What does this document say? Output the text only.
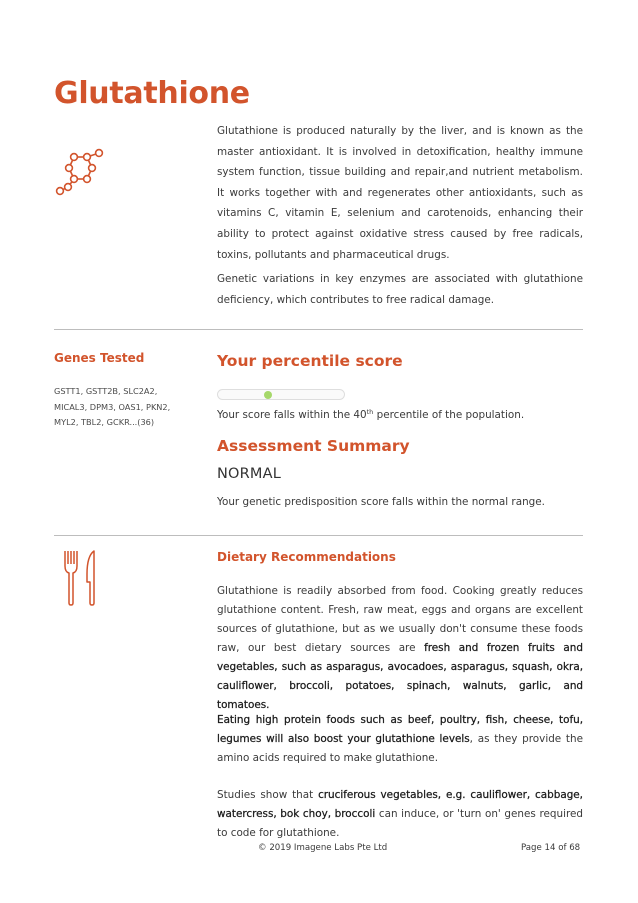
Glutathione

Glutathione is produced naturally by the liver, and is known as the master antioxidant. It is involved in detoxification, healthy immune system function, tissue building and repair,and nutrient metabolism. It works together with and regenerates other antioxidants, such as vitamins C, vitamin E, selenium and carotenoids, enhancing their ability to protect against oxidative stress caused by free radicals, toxins, pollutants and pharmaceutical drugs.

Genetic variations in key enzymes are associated with glutathione deficiency, which contributes to free radical damage.

Genes Tested

GSTT1, GSTT2B, SLC2A2, MICAL3, DPM3, OAS1, PKN2, MYL2, TBL2, GCKR...(36)

Your percentile score

Your score falls within the 40th percentile of the population.

Assessment Summary

NORMAL

Your genetic predisposition score falls within the normal range.

Dietary Recommendations

Glutathione is readily absorbed from food. Cooking greatly reduces glutathione content. Fresh, raw meat, eggs and organs are excellent sources of glutathione, but as we usually don't consume these foods raw, our best dietary sources are fresh and frozen fruits and vegetables, such as asparagus, avocadoes, asparagus, squash, okra, cauliflower, broccoli, potatoes, spinach, walnuts, garlic, and tomatoes.

Eating high protein foods such as beef, poultry, fish, cheese, tofu, legumes will also boost your glutathione levels, as they provide the amino acids required to make glutathione.

Studies show that cruciferous vegetables, e.g. cauliflower, cabbage, watercress, bok choy, broccoli can induce, or 'turn on' genes required to code for glutathione.

© 2019 Imagene Labs Pte Ltd	Page 14 of 68
